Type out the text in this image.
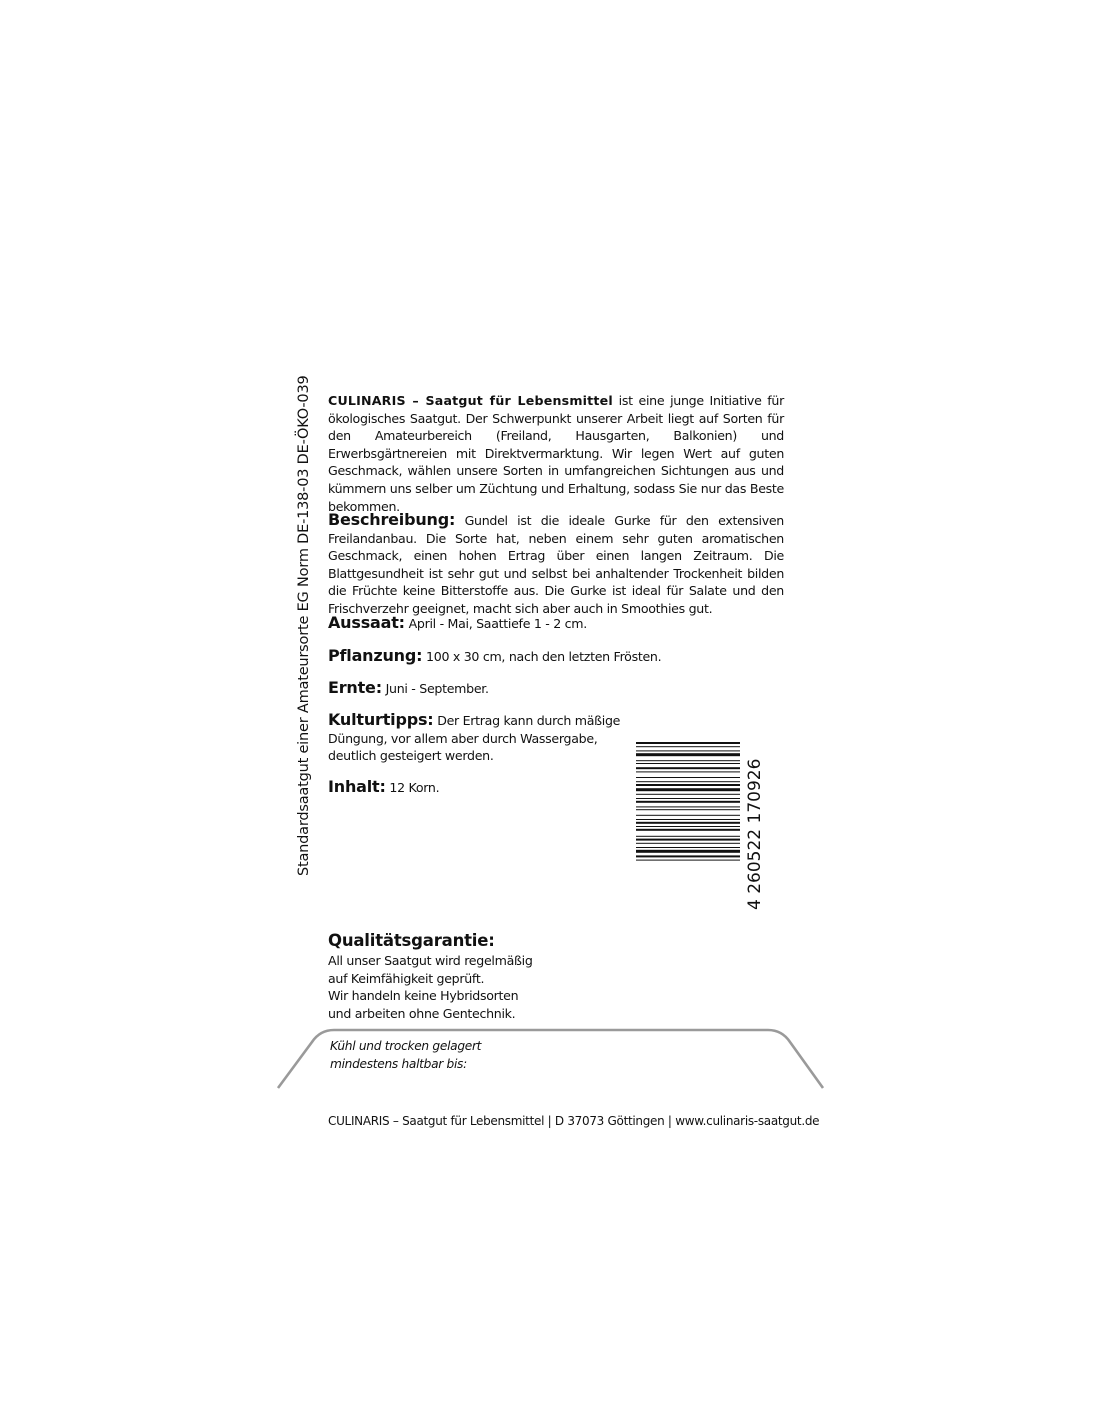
Standardsaatgut einer Amateursorte EG Norm DE-138-03 DE-ÖKO-039 CULINARIS – Saatgut für Lebensmittel ist eine junge Initiative für ökologisches Saatgut. Der Schwerpunkt unserer Arbeit liegt auf Sorten für den Amateurbereich (Freiland, Hausgarten, Balkonien) und Erwerbsgärtnereien mit Direktvermarktung. Wir legen Wert auf guten Geschmack, wählen unsere Sorten in umfangreichen Sichtungen aus und kümmern uns selber um Züchtung und Erhaltung, sodass Sie nur das Beste bekommen.

Beschreibung: Gundel ist die ideale Gurke für den extensiven Freilandanbau. Die Sorte hat, neben einem sehr guten aromatischen Geschmack, einen hohen Ertrag über einen langen Zeitraum. Die Blattgesundheit ist sehr gut und selbst bei anhaltender Trockenheit bilden die Früchte keine Bitterstoffe aus. Die Gurke ist ideal für Salate und den Frischverzehr geeignet, macht sich aber auch in Smoothies gut.

Aussaat: April - Mai, Saattiefe 1 - 2 cm.
Pflanzung: 100 x 30 cm, nach den letzten Frösten.
Ernte: Juni - September.

Kulturtipps: Der Ertrag kann durch mäßige Düngung, vor allem aber durch Wassergabe, deutlich gesteigert werden.

Inhalt: 12 Korn.	4 260522 170926
Qualitätsgarantie:
All unser Saatgut wird regelmäßig
auf Keimfähigkeit geprüft.
Wir handeln keine Hybridsorten
und arbeiten ohne Gentechnik.
Kühl und trocken gelagert
mindestens haltbar bis:
CULINARIS – Saatgut für Lebensmittel | D 37073 Göttingen | www.culinaris-saatgut.de
